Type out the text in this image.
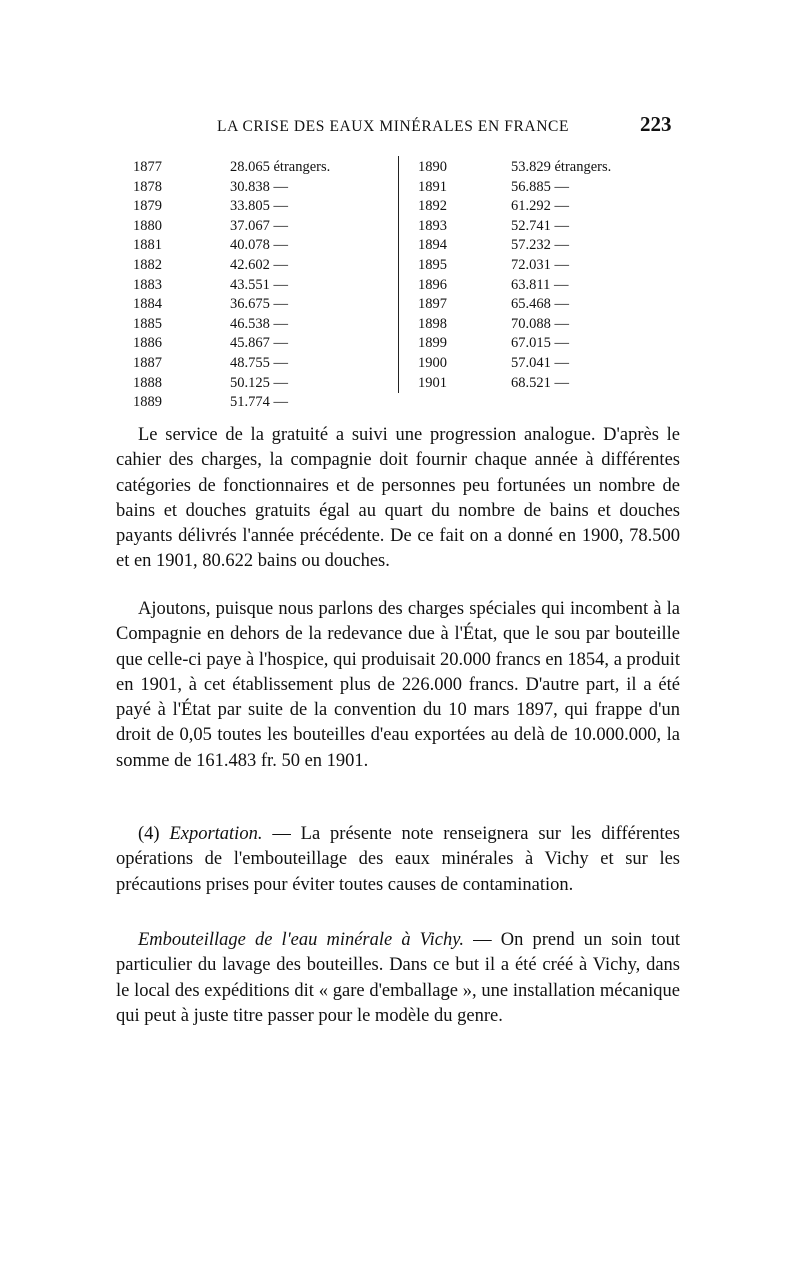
LA CRISE DES EAUX MINÉRALES EN FRANCE	223
1877	28.065 étrangers.
1878	30.838 —
1879	33.805 —
1880	37.067 —
1881	40.078 —
1882	42.602 —
1883	43.551 —
1884	36.675 —
1885	46.538 —
1886	45.867 —
1887	48.755 —
1888	50.125 —
1889	51.774 —
1890	53.829 étrangers.
1891	56.885 —
1892	61.292 —
1893	52.741 —
1894	57.232 —
1895	72.031 —
1896	63.811 —
1897	65.468 —
1898	70.088 —
1899	67.015 —
1900	57.041 —
1901	68.521 —

Le service de la gratuité a suivi une progression analogue. D'après le cahier des charges, la compagnie doit fournir chaque année à différentes catégories de fonctionnaires et de personnes peu fortunées un nombre de bains et douches gratuits égal au quart du nombre de bains et douches payants délivrés l'année précédente. De ce fait on a donné en 1900, 78.500 et en 1901, 80.622 bains ou douches.

Ajoutons, puisque nous parlons des charges spéciales qui incombent à la Compagnie en dehors de la redevance due à l'État, que le sou par bouteille que celle-ci paye à l'hospice, qui produisait 20.000 francs en 1854, a produit en 1901, à cet établissement plus de 226.000 francs. D'autre part, il a été payé à l'État par suite de la convention du 10 mars 1897, qui frappe d'un droit de 0,05 toutes les bouteilles d'eau exportées au delà de 10.000.000, la somme de 161.483 fr. 50 en 1901.

(4) Exportation. — La présente note renseignera sur les différentes opérations de l'embouteillage des eaux minérales à Vichy et sur les précautions prises pour éviter toutes causes de contamination.

Embouteillage de l'eau minérale à Vichy. — On prend un soin tout particulier du lavage des bouteilles. Dans ce but il a été créé à Vichy, dans le local des expéditions dit « gare d'emballage », une installation mécanique qui peut à juste titre passer pour le modèle du genre.
